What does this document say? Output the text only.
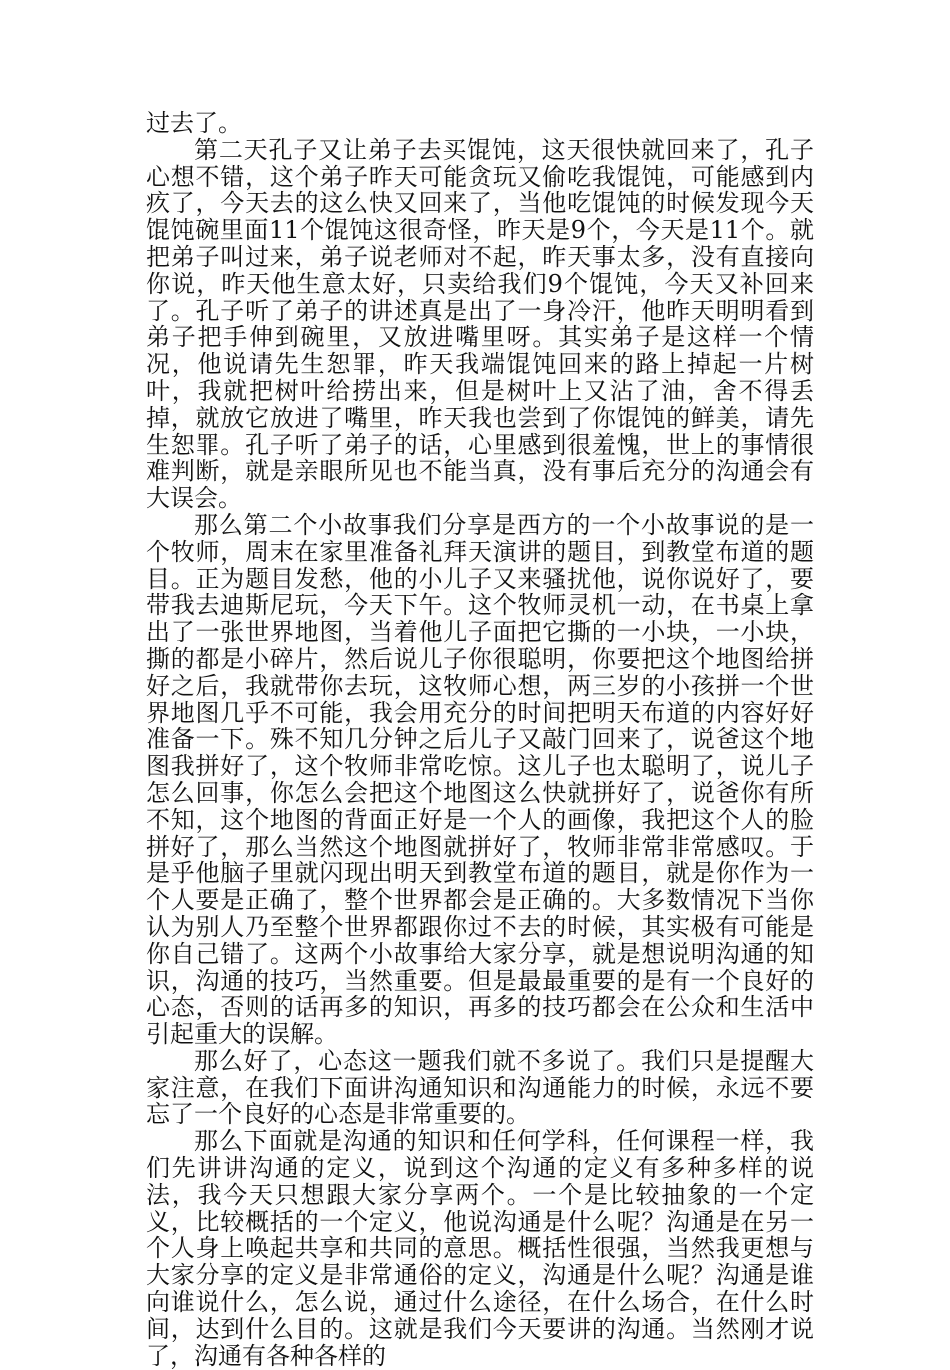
过去了。

第二天孔子又让弟子去买馄饨，这天很快就回来了，孔子心想不错，这个弟子昨天可能贪玩又偷吃我馄饨，可能感到内疚了，今天去的这么快又回来了，当他吃馄饨的时候发现今天馄饨碗里面11个馄饨这很奇怪，昨天是9个，今天是11个。就把弟子叫过来，弟子说老师对不起，昨天事太多，没有直接向你说，昨天他生意太好，只卖给我们9个馄饨，今天又补回来了。孔子听了弟子的讲述真是出了一身冷汗，他昨天明明看到弟子把手伸到碗里，又放进嘴里呀。其实弟子是这样一个情况，他说请先生恕罪，昨天我端馄饨回来的路上掉起一片树叶，我就把树叶给捞出来，但是树叶上又沾了油，舍不得丢掉，就放它放进了嘴里，昨天我也尝到了你馄饨的鲜美，请先生恕罪。孔子听了弟子的话，心里感到很羞愧，世上的事情很难判断，就是亲眼所见也不能当真，没有事后充分的沟通会有大误会。

那么第二个小故事我们分享是西方的一个小故事说的是一个牧师，周末在家里准备礼拜天演讲的题目，到教堂布道的题目。正为题目发愁，他的小儿子又来骚扰他，说你说好了，要带我去迪斯尼玩，今天下午。这个牧师灵机一动，在书桌上拿出了一张世界地图，当着他儿子面把它撕的一小块，一小块，撕的都是小碎片，然后说儿子你很聪明，你要把这个地图给拼好之后，我就带你去玩，这牧师心想，两三岁的小孩拼一个世界地图几乎不可能，我会用充分的时间把明天布道的内容好好准备一下。殊不知几分钟之后儿子又敲门回来了，说爸这个地图我拼好了，这个牧师非常吃惊。这儿子也太聪明了，说儿子怎么回事，你怎么会把这个地图这么快就拼好了，说爸你有所不知，这个地图的背面正好是一个人的画像，我把这个人的脸拼好了，那么当然这个地图就拼好了，牧师非常非常感叹。于是乎他脑子里就闪现出明天到教堂布道的题目，就是你作为一个人要是正确了，整个世界都会是正确的。大多数情况下当你认为别人乃至整个世界都跟你过不去的时候，其实极有可能是你自己错了。这两个小故事给大家分享，就是想说明沟通的知识，沟通的技巧，当然重要。但是最最重要的是有一个良好的心态，否则的话再多的知识，再多的技巧都会在公众和生活中引起重大的误解。

那么好了，心态这一题我们就不多说了。我们只是提醒大家注意，在我们下面讲沟通知识和沟通能力的时候，永远不要忘了一个良好的心态是非常重要的。

那么下面就是沟通的知识和任何学科，任何课程一样，我们先讲讲沟通的定义，说到这个沟通的定义有多种多样的说法，我今天只想跟大家分享两个。一个是比较抽象的一个定义，比较概括的一个定义，他说沟通是什么呢？沟通是在另一个人身上唤起共享和共同的意思。概括性很强，当然我更想与大家分享的定义是非常通俗的定义，沟通是什么呢？沟通是谁向谁说什么，怎么说，通过什么途径，在什么场合，在什么时间，达到什么目的。这就是我们今天要讲的沟通。当然刚才说了，沟通有各种各样的
